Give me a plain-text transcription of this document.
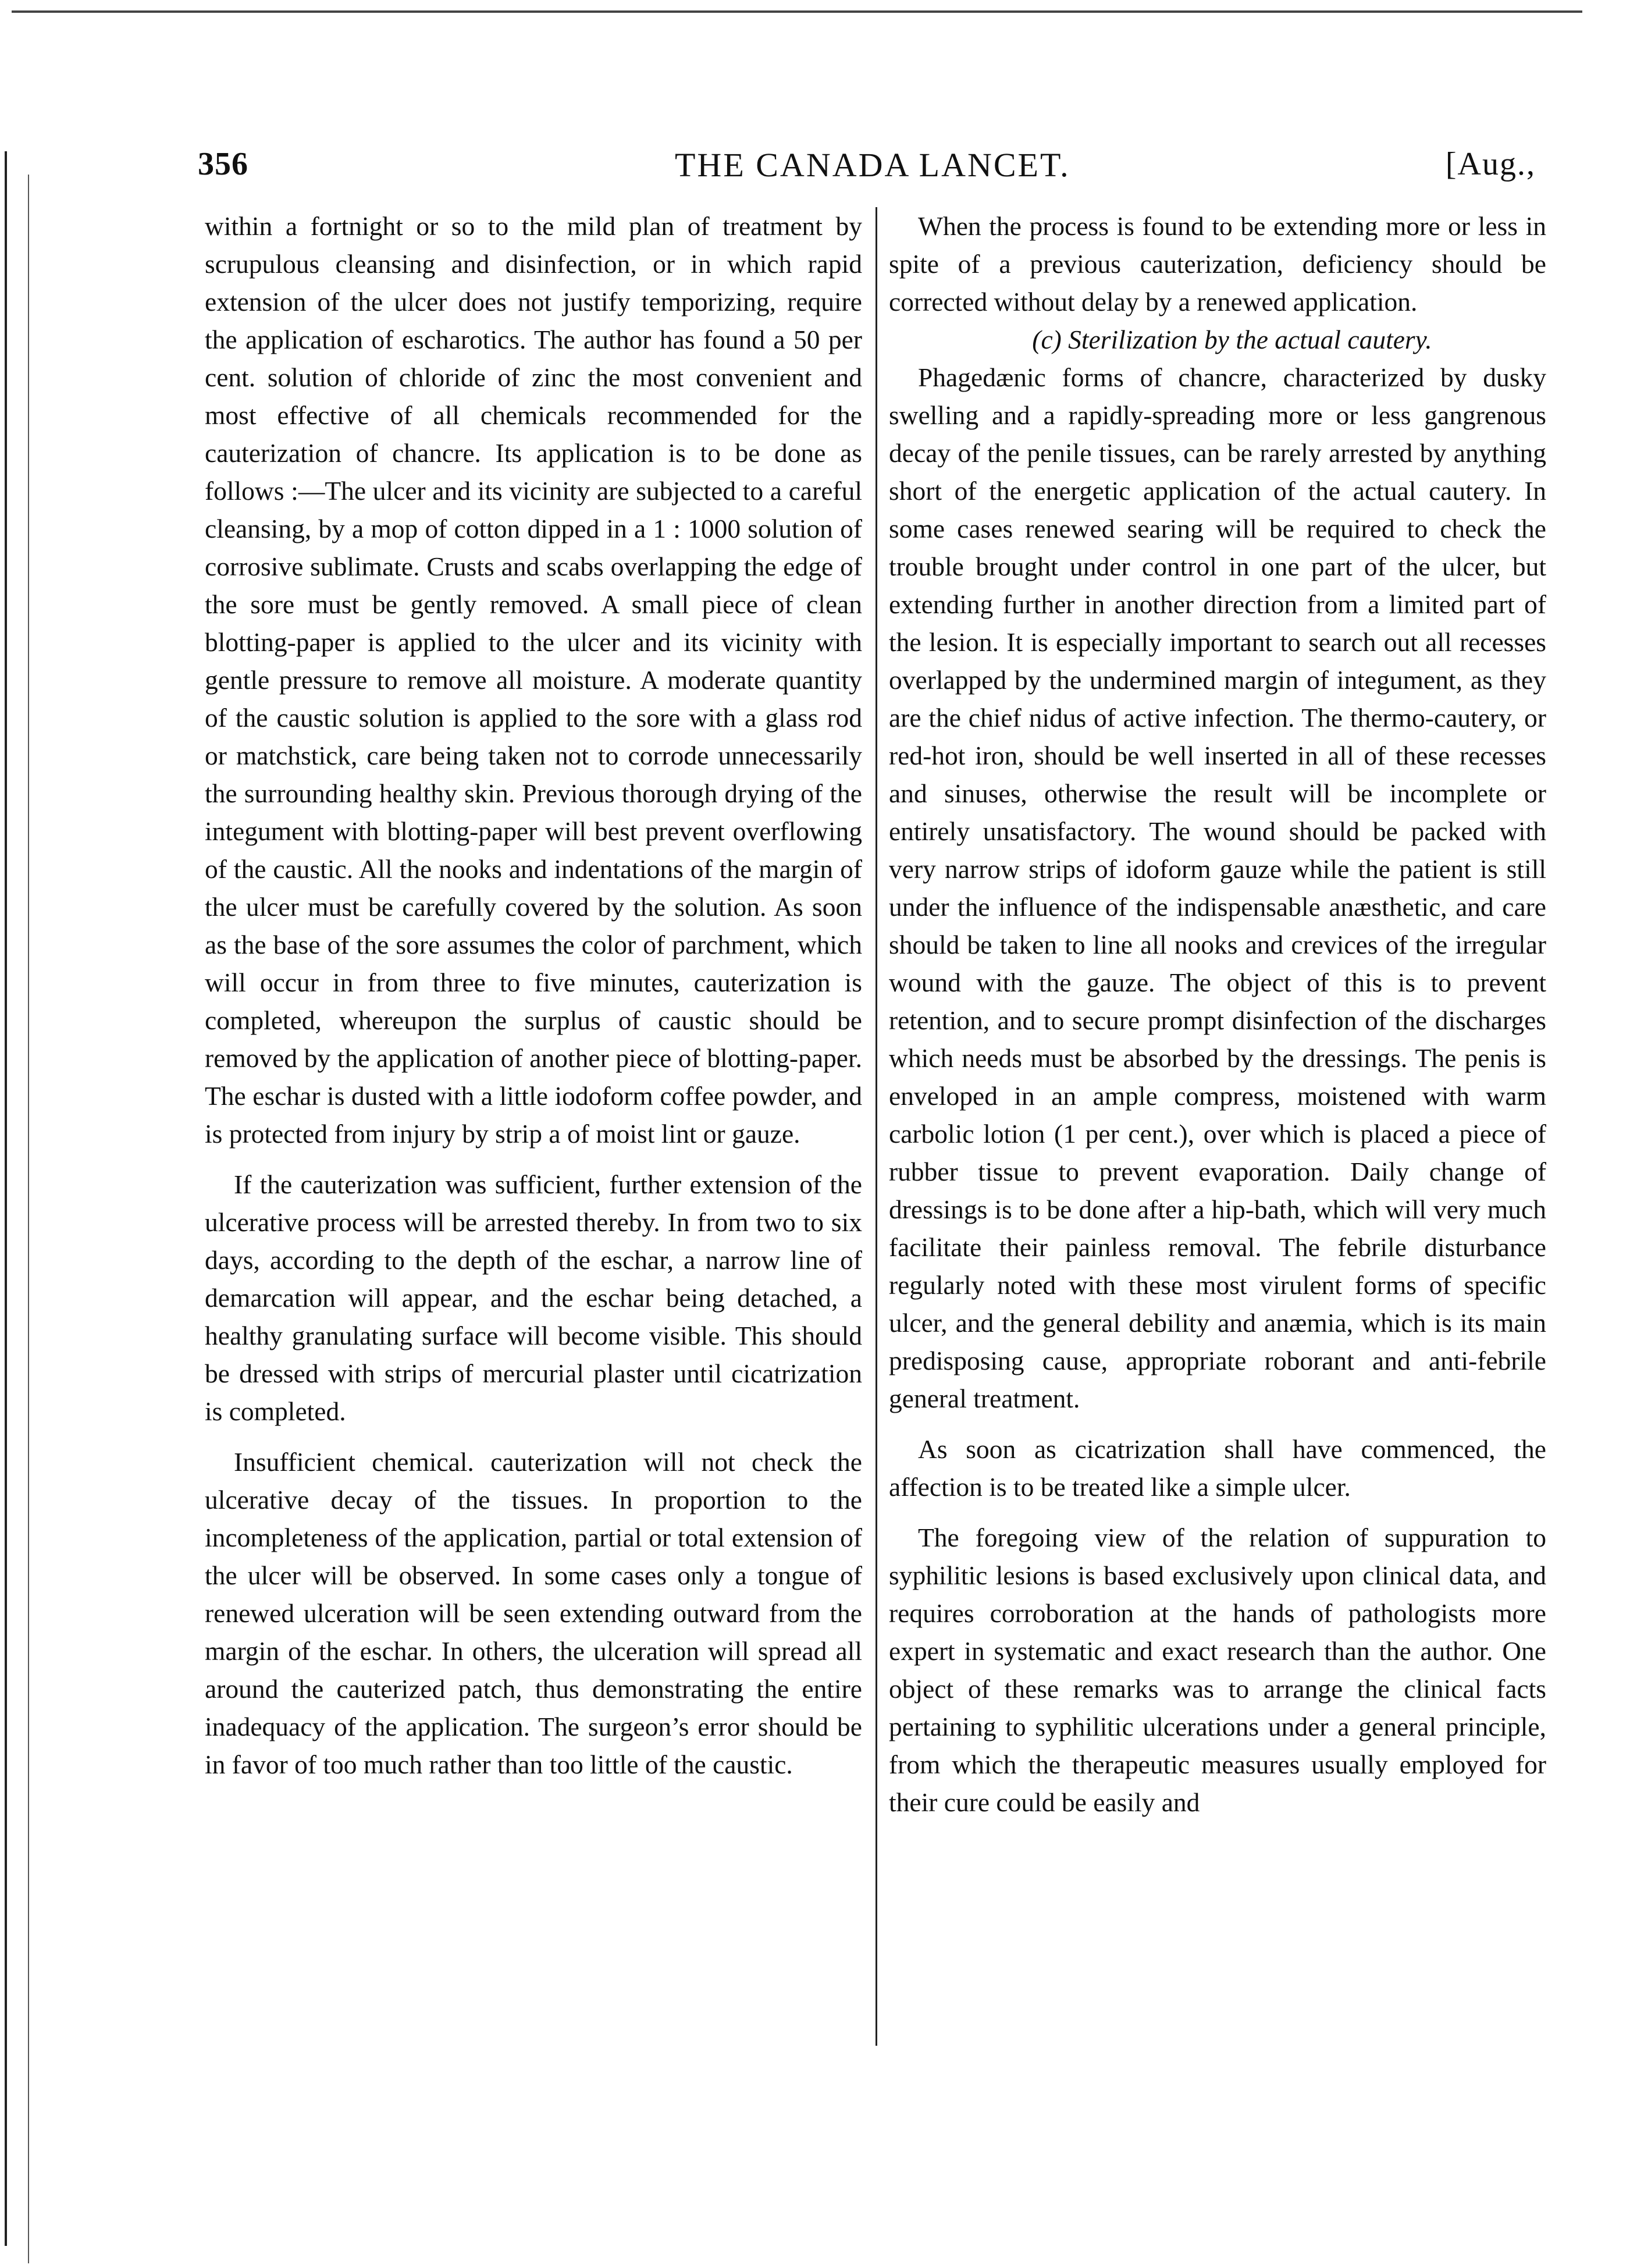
356	THE CANADA LANCET.	[Aug.,

within a fortnight or so to the mild plan of treatment by scrupulous cleansing and disinfection, or in which rapid extension of the ulcer does not justify temporizing, require the application of escharotics. The author has found a 50 per cent. solution of chloride of zinc the most convenient and most effective of all chemicals recommended for the cauterization of chancre. Its application is to be done as follows :—The ulcer and its vicinity are subjected to a careful cleansing, by a mop of cotton dipped in a 1 : 1000 solution of corrosive sublimate. Crusts and scabs overlapping the edge of the sore must be gently removed. A small piece of clean blotting-paper is applied to the ulcer and its vicinity with gentle pressure to remove all moisture. A moderate quantity of the caustic solution is applied to the sore with a glass rod or matchstick, care being taken not to corrode unnecessarily the surrounding healthy skin. Previous thorough drying of the integument with blotting-paper will best prevent overflowing of the caustic. All the nooks and indentations of the margin of the ulcer must be carefully covered by the solution. As soon as the base of the sore assumes the color of parchment, which will occur in from three to five minutes, cauterization is completed, whereupon the surplus of caustic should be removed by the application of another piece of blotting-paper. The eschar is dusted with a little iodoform coffee powder, and is protected from injury by strip a of moist lint or gauze.

If the cauterization was sufficient, further extension of the ulcerative process will be arrested thereby. In from two to six days, according to the depth of the eschar, a narrow line of demarcation will appear, and the eschar being detached, a healthy granulating surface will become visible. This should be dressed with strips of mercurial plaster until cicatrization is completed.

Insufficient chemical. cauterization will not check the ulcerative decay of the tissues. In proportion to the incompleteness of the application, partial or total extension of the ulcer will be observed. In some cases only a tongue of renewed ulceration will be seen extending outward from the margin of the eschar. In others, the ulceration will spread all around the cauterized patch, thus demonstrating the entire inadequacy of the application. The surgeon’s error should be in favor of too much rather than too little of the caustic.

When the process is found to be extending more or less in spite of a previous cauterization, deficiency should be corrected without delay by a renewed application.

(c) Sterilization by the actual cautery.

Phagedænic forms of chancre, characterized by dusky swelling and a rapidly-spreading more or less gangrenous decay of the penile tissues, can be rarely arrested by anything short of the energetic application of the actual cautery. In some cases renewed searing will be required to check the trouble brought under control in one part of the ulcer, but extending further in another direction from a limited part of the lesion. It is especially important to search out all recesses overlapped by the undermined margin of integument, as they are the chief nidus of active infection. The thermo-cautery, or red-hot iron, should be well inserted in all of these recesses and sinuses, otherwise the result will be incomplete or entirely unsatisfactory. The wound should be packed with very narrow strips of idoform gauze while the patient is still under the influence of the indispensable anæsthetic, and care should be taken to line all nooks and crevices of the irregular wound with the gauze. The object of this is to prevent retention, and to secure prompt disinfection of the discharges which needs must be absorbed by the dressings. The penis is enveloped in an ample compress, moistened with warm carbolic lotion (1 per cent.), over which is placed a piece of rubber tissue to prevent evaporation. Daily change of dressings is to be done after a hip-bath, which will very much facilitate their painless removal. The febrile disturbance regularly noted with these most virulent forms of specific ulcer, and the general debility and anæmia, which is its main predisposing cause, appropriate roborant and anti-febrile general treatment.

As soon as cicatrization shall have commenced, the affection is to be treated like a simple ulcer.

The foregoing view of the relation of suppuration to syphilitic lesions is based exclusively upon clinical data, and requires corroboration at the hands of pathologists more expert in systematic and exact research than the author. One object of these remarks was to arrange the clinical facts pertaining to syphilitic ulcerations under a general principle, from which the therapeutic measures usually employed for their cure could be easily and
